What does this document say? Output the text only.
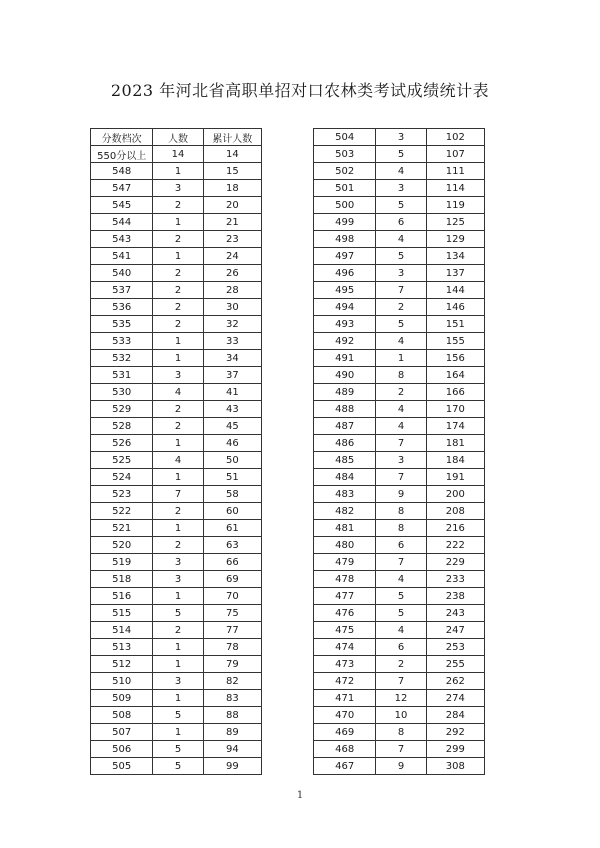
2023 年河北省高职单招对口农林类考试成绩统计表
分数档次	人数	累计人数
550分以上	14	14
548	1	15
547	3	18
545	2	20
544	1	21
543	2	23
541	1	24
540	2	26
537	2	28
536	2	30
535	2	32
533	1	33
532	1	34
531	3	37
530	4	41
529	2	43
528	2	45
526	1	46
525	4	50
524	1	51
523	7	58
522	2	60
521	1	61
520	2	63
519	3	66
518	3	69
516	1	70
515	5	75
514	2	77
513	1	78
512	1	79
510	3	82
509	1	83
508	5	88
507	1	89
506	5	94
505	5	99
504	3	102
503	5	107
502	4	111
501	3	114
500	5	119
499	6	125
498	4	129
497	5	134
496	3	137
495	7	144
494	2	146
493	5	151
492	4	155
491	1	156
490	8	164
489	2	166
488	4	170
487	4	174
486	7	181
485	3	184
484	7	191
483	9	200
482	8	208
481	8	216
480	6	222
479	7	229
478	4	233
477	5	238
476	5	243
475	4	247
474	6	253
473	2	255
472	7	262
471	12	274
470	10	284
469	8	292
468	7	299
467	9	308
1
